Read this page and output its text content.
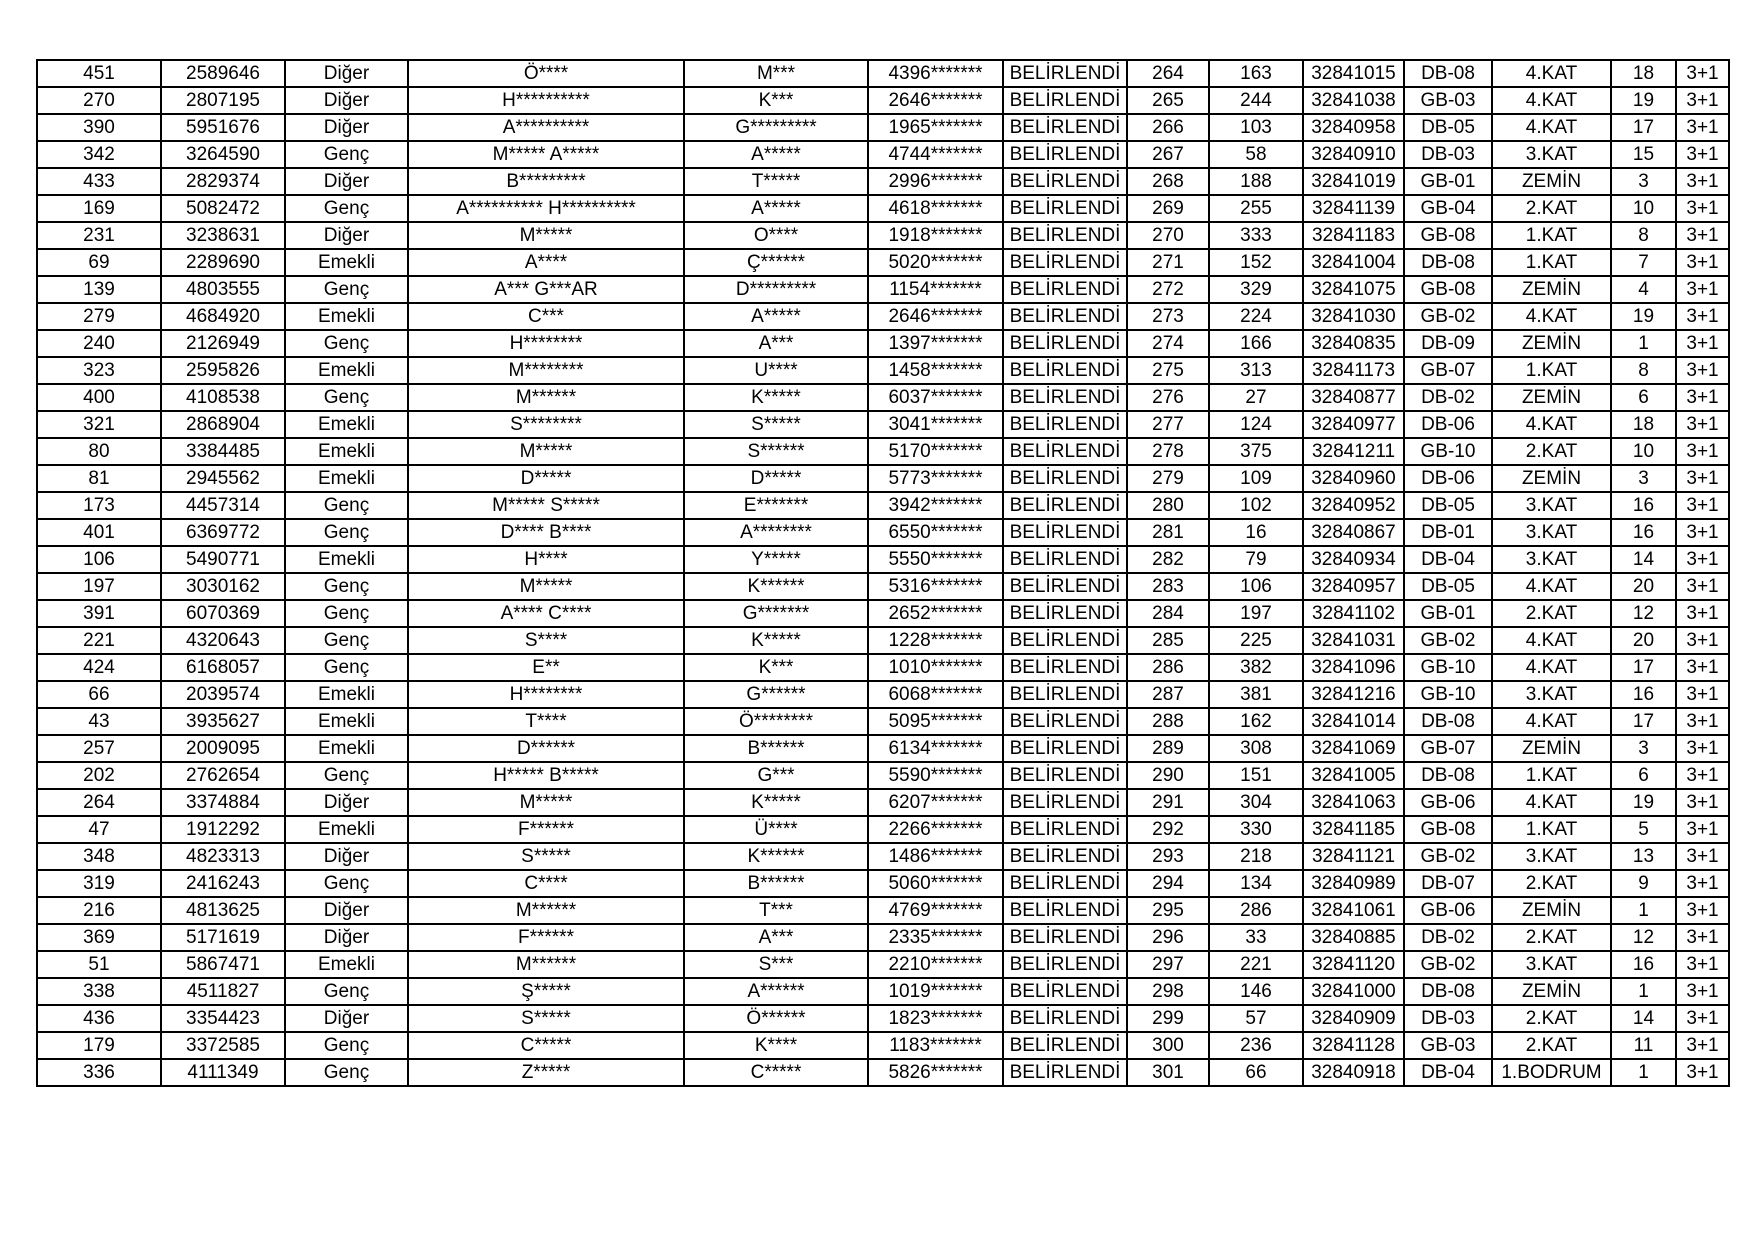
451	2589646	Diğer	Ö****	M***	4396*******	BELİRLENDİ	264	163	32841015	DB-08	4.KAT	18	3+1
270	2807195	Diğer	H**********	K***	2646*******	BELİRLENDİ	265	244	32841038	GB-03	4.KAT	19	3+1
390	5951676	Diğer	A**********	G*********	1965*******	BELİRLENDİ	266	103	32840958	DB-05	4.KAT	17	3+1
342	3264590	Genç	M***** A*****	A*****	4744*******	BELİRLENDİ	267	58	32840910	DB-03	3.KAT	15	3+1
433	2829374	Diğer	B*********	T*****	2996*******	BELİRLENDİ	268	188	32841019	GB-01	ZEMİN	3	3+1
169	5082472	Genç	A********** H**********	A*****	4618*******	BELİRLENDİ	269	255	32841139	GB-04	2.KAT	10	3+1
231	3238631	Diğer	M*****	O****	1918*******	BELİRLENDİ	270	333	32841183	GB-08	1.KAT	8	3+1
69	2289690	Emekli	A****	Ç******	5020*******	BELİRLENDİ	271	152	32841004	DB-08	1.KAT	7	3+1
139	4803555	Genç	A*** G***AR	D*********	1154*******	BELİRLENDİ	272	329	32841075	GB-08	ZEMİN	4	3+1
279	4684920	Emekli	C***	A*****	2646*******	BELİRLENDİ	273	224	32841030	GB-02	4.KAT	19	3+1
240	2126949	Genç	H********	A***	1397*******	BELİRLENDİ	274	166	32840835	DB-09	ZEMİN	1	3+1
323	2595826	Emekli	M********	U****	1458*******	BELİRLENDİ	275	313	32841173	GB-07	1.KAT	8	3+1
400	4108538	Genç	M******	K*****	6037*******	BELİRLENDİ	276	27	32840877	DB-02	ZEMİN	6	3+1
321	2868904	Emekli	S********	S*****	3041*******	BELİRLENDİ	277	124	32840977	DB-06	4.KAT	18	3+1
80	3384485	Emekli	M*****	S******	5170*******	BELİRLENDİ	278	375	32841211	GB-10	2.KAT	10	3+1
81	2945562	Emekli	D*****	D*****	5773*******	BELİRLENDİ	279	109	32840960	DB-06	ZEMİN	3	3+1
173	4457314	Genç	M***** S*****	E*******	3942*******	BELİRLENDİ	280	102	32840952	DB-05	3.KAT	16	3+1
401	6369772	Genç	D**** B****	A********	6550*******	BELİRLENDİ	281	16	32840867	DB-01	3.KAT	16	3+1
106	5490771	Emekli	H****	Y*****	5550*******	BELİRLENDİ	282	79	32840934	DB-04	3.KAT	14	3+1
197	3030162	Genç	M*****	K******	5316*******	BELİRLENDİ	283	106	32840957	DB-05	4.KAT	20	3+1
391	6070369	Genç	A**** C****	G*******	2652*******	BELİRLENDİ	284	197	32841102	GB-01	2.KAT	12	3+1
221	4320643	Genç	S****	K*****	1228*******	BELİRLENDİ	285	225	32841031	GB-02	4.KAT	20	3+1
424	6168057	Genç	E**	K***	1010*******	BELİRLENDİ	286	382	32841096	GB-10	4.KAT	17	3+1
66	2039574	Emekli	H********	G******	6068*******	BELİRLENDİ	287	381	32841216	GB-10	3.KAT	16	3+1
43	3935627	Emekli	T****	Ö********	5095*******	BELİRLENDİ	288	162	32841014	DB-08	4.KAT	17	3+1
257	2009095	Emekli	D******	B******	6134*******	BELİRLENDİ	289	308	32841069	GB-07	ZEMİN	3	3+1
202	2762654	Genç	H***** B*****	G***	5590*******	BELİRLENDİ	290	151	32841005	DB-08	1.KAT	6	3+1
264	3374884	Diğer	M*****	K*****	6207*******	BELİRLENDİ	291	304	32841063	GB-06	4.KAT	19	3+1
47	1912292	Emekli	F******	Ü****	2266*******	BELİRLENDİ	292	330	32841185	GB-08	1.KAT	5	3+1
348	4823313	Diğer	S*****	K******	1486*******	BELİRLENDİ	293	218	32841121	GB-02	3.KAT	13	3+1
319	2416243	Genç	C****	B******	5060*******	BELİRLENDİ	294	134	32840989	DB-07	2.KAT	9	3+1
216	4813625	Diğer	M******	T***	4769*******	BELİRLENDİ	295	286	32841061	GB-06	ZEMİN	1	3+1
369	5171619	Diğer	F******	A***	2335*******	BELİRLENDİ	296	33	32840885	DB-02	2.KAT	12	3+1
51	5867471	Emekli	M******	S***	2210*******	BELİRLENDİ	297	221	32841120	GB-02	3.KAT	16	3+1
338	4511827	Genç	Ş*****	A******	1019*******	BELİRLENDİ	298	146	32841000	DB-08	ZEMİN	1	3+1
436	3354423	Diğer	S*****	Ö******	1823*******	BELİRLENDİ	299	57	32840909	DB-03	2.KAT	14	3+1
179	3372585	Genç	C*****	K****	1183*******	BELİRLENDİ	300	236	32841128	GB-03	2.KAT	11	3+1
336	4111349	Genç	Z*****	C*****	5826*******	BELİRLENDİ	301	66	32840918	DB-04	1.BODRUM	1	3+1
